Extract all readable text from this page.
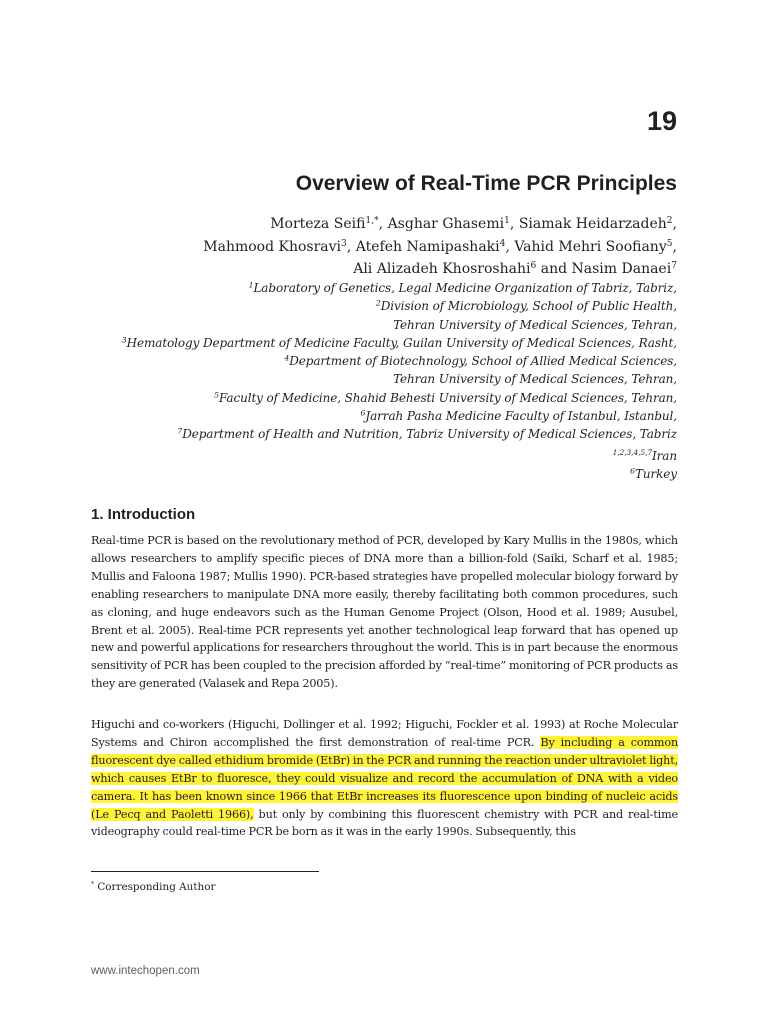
19
Overview of Real-Time PCR Principles
Morteza Seifi$^{1,*}$, Asghar Ghasemi$^1$, Siamak Heidarzadeh$^2$,
Mahmood Khosravi$^3$, Atefeh Namipashaki$^4$, Vahid Mehri Soofiany$^5$,
Ali Alizadeh Khosroshahi$^6$ and Nasim Danaei$^7$
$^1$Laboratory of Genetics, Legal Medicine Organization of Tabriz, Tabriz,
$^2$Division of Microbiology, School of Public Health,
Tehran University of Medical Sciences, Tehran,
$^3$Hematology Department of Medicine Faculty, Guilan University of Medical Sciences, Rasht,
$^4$Department of Biotechnology, School of Allied Medical Sciences,
Tehran University of Medical Sciences, Tehran,
$^5$Faculty of Medicine, Shahid Behesti University of Medical Sciences, Tehran,
$^6$Jarrah Pasha Medicine Faculty of Istanbul, Istanbul,
$^7$Department of Health and Nutrition, Tabriz University of Medical Sciences, Tabriz
$^{1,2,3,4,5,7}$Iran
$^6$Turkey
1. Introduction

Real-time PCR is based on the revolutionary method of PCR, developed by Kary Mullis in the 1980s, which allows researchers to amplify specific pieces of DNA more than a billion-fold (Saiki, Scharf et al. 1985; Mullis and Faloona 1987; Mullis 1990). PCR-based strategies have propelled molecular biology forward by enabling researchers to manipulate DNA more easily, thereby facilitating both common procedures, such as cloning, and huge endeavors such as the Human Genome Project (Olson, Hood et al. 1989; Ausubel, Brent et al. 2005). Real-time PCR represents yet another technological leap forward that has opened up new and powerful applications for researchers throughout the world. This is in part because the enormous sensitivity of PCR has been coupled to the precision afforded by “real-time” monitoring of PCR products as they are generated (Valasek and Repa 2005).

Higuchi and co-workers (Higuchi, Dollinger et al. 1992; Higuchi, Fockler et al. 1993) at Roche Molecular Systems and Chiron accomplished the first demonstration of real-time PCR. By including a common fluorescent dye called ethidium bromide (EtBr) in the PCR and running the reaction under ultraviolet light, which causes EtBr to fluoresce, they could visualize and record the accumulation of DNA with a video camera. It has been known since 1966 that EtBr increases its fluorescence upon binding of nucleic acids (Le Pecq and Paoletti 1966), but only by combining this fluorescent chemistry with PCR and real-time videography could real-time PCR be born as it was in the early 1990s. Subsequently, this

* Corresponding Author
www.intechopen.com
